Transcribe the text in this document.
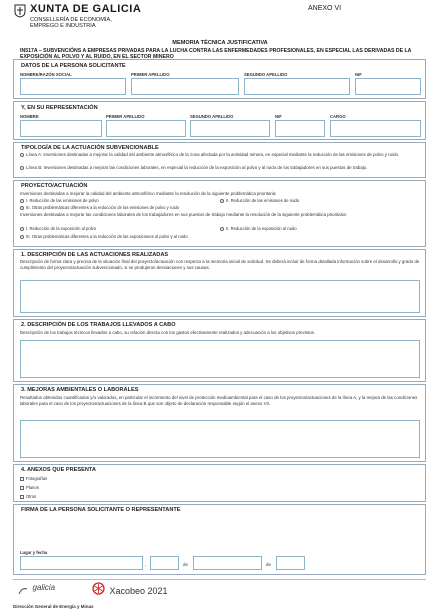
XUNTA DE GALICIA
CONSELLERÍA DE ECONOMÍA,
EMPREGO E INDUSTRIA
ANEXO VI
MEMORIA TÉCNICA JUSTIFICATIVA
IN517A – SUBVENCIÓNS A EMPRESAS PRIVADAS PARA LA LUCHA CONTRA LAS ENFERMEDADES PROFESIONALES, EN ESPECIAL LAS DERIVADAS DE LA EXPOSICIÓN AL POLVO Y AL RUIDO, EN EL SECTOR MINERO
DATOS DE LA PERSONA SOLICITANTE
NOMBRE/RAZÓN SOCIAL	PRIMER APELLIDO	SEGUNDO APELLIDO	NIF
Y, EN SU REPRESENTACIÓN
NOMBRE	PRIMER APELLIDO	SEGUNDO APELLIDO	NIF	CARGO
TIPOLOGÍA DE LA ACTUACIÓN SUBVENCIONABLE
Línea A: Inversiones destinadas a mejorar la calidad del ambiente atmosférico de la zona afectada por la actividad minera, en especial mediante la reducción de las emisiones de polvo y ruido.
Línea B: Inversiones destinadas a mejorar las condiciones laborales, en especial la reducción de la exposición al polvo y al ruido de los trabajadores en sus puestos de trabajo.
PROYECTO/ACTUACIÓN
Inversiones destinadas a mejorar la calidad del ambiente atmosférico mediante la resolución de la siguiente problemática prioritaria:
I. Reducción de las emisiones de polvo	II. Reducción de las emisiones de ruido
III. Otras problemáticas diferentes a la reducción de las emisiones de polvo y ruido
Inversiones destinadas a mejorar las condiciones laborales de los trabajadores en sus puestos de trabajo mediante la resolución de la siguiente problemática prioritaria:
I. Reducción de la exposición al polvo	II. Reducción de la exposición al ruido
III. Otras problemáticas diferentes a la reducción de las exposiciones al polvo y al ruido
1. DESCRIPCIÓN DE LAS ACTUACIONES REALIZADAS
Descripción de forma clara y precisa de la situación final del proyecto/actuación con respecto a la memoria inicial de solicitud. Se deberá incluir de forma detallada información sobre el desarrollo y grado de cumplimiento del proyecto/actuación subvencionado, si se produjeron desviaciones y sus causas.
2. DESCRIPCIÓN DE LOS TRABAJOS LLEVADOS A CABO
Descripción de los trabajos técnicos llevados a cabo, su relación directa con los gastos efectivamente realizados y adecuación a los objetivos previstos.
3. MEJORAS AMBIENTALES O LABORALES
Resultados obtenidos cuantificados y/o valorados, en particular el incremento del nivel de protección medioambiental para el caso de los proyectos/actuaciones de la línea A, y la mejora de las condiciones laborales para el caso de los proyectos/actuaciones de la línea B que son objeto de declaración responsable según el anexo VII.
4. ANEXOS QUE PRESENTA
Fotografías
Planos
Otros
FIRMA DE LA PERSONA SOLICITANTE O REPRESENTANTE
Lugar y fecha
,	de	de
$^{galicia}$	Xacobeo 2021
Dirección General de Energía y Minas
